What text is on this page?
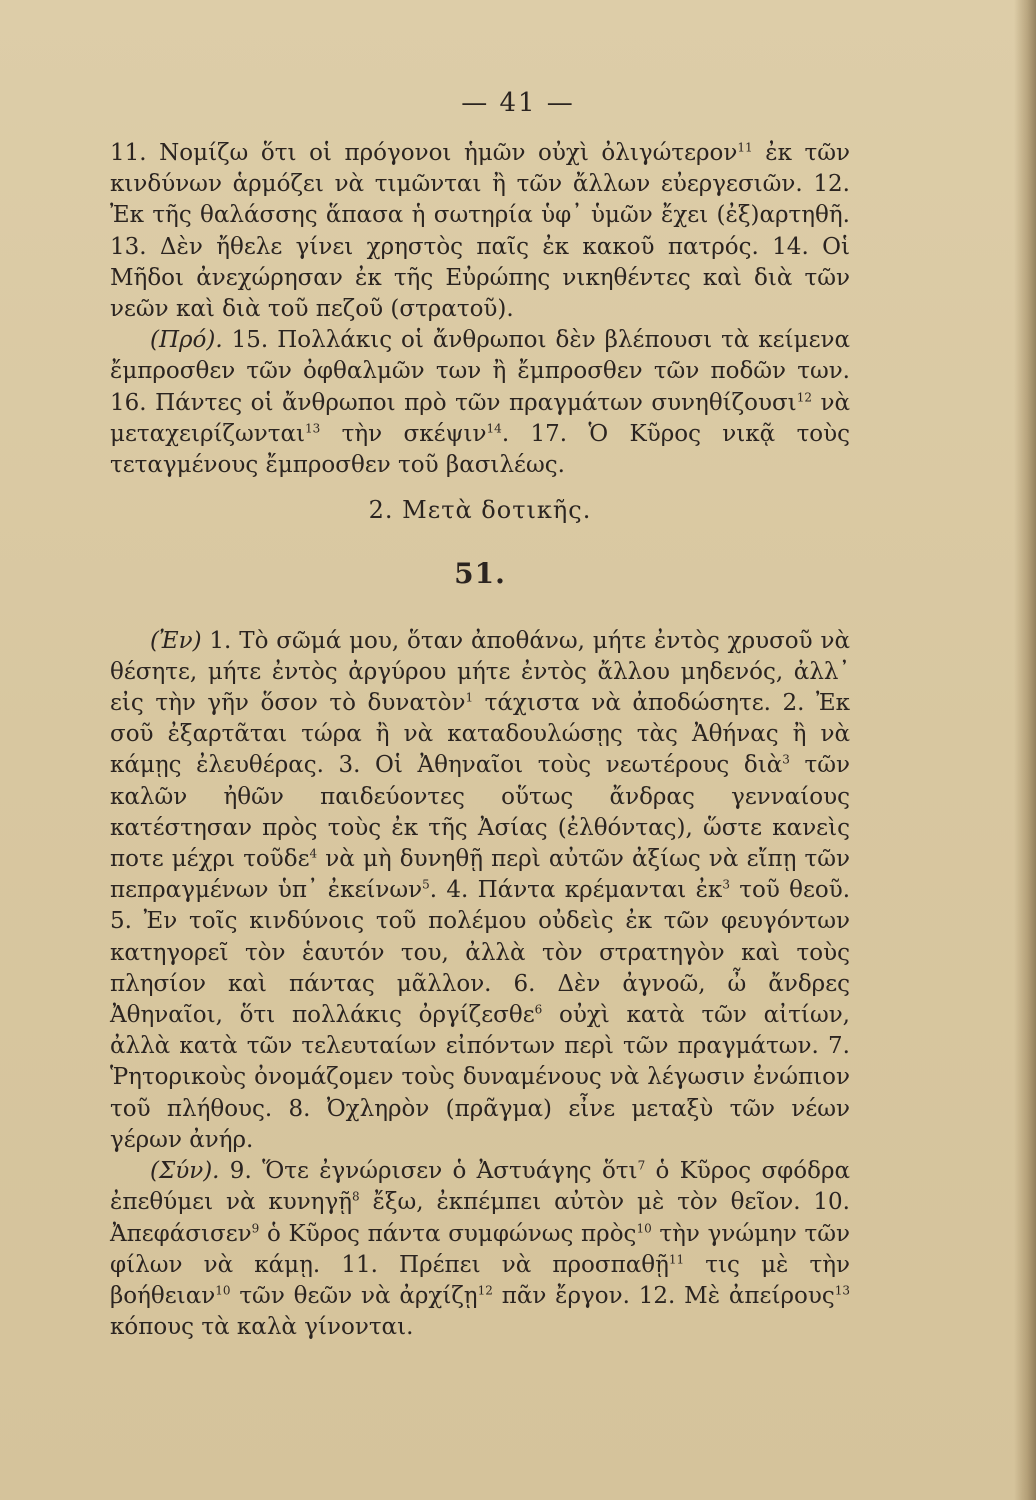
— 41 —

11. Νομίζω ὅτι οἱ πρόγονοι ἡμῶν οὐχὶ ὀλιγώτερον$^{11}$ ἐκ τῶν κινδύνων ἁρμόζει νὰ τιμῶνται ἢ τῶν ἄλλων εὐεργεσιῶν. 12. Ἐκ τῆς θαλάσσης ἅπασα ἡ σωτηρία ὑφ᾽ ὑμῶν ἔχει (ἐξ)αρτηθῆ. 13. Δὲν ἤθελε γίνει χρηστὸς παῖς ἐκ κακοῦ πατρός. 14. Οἱ Μῆδοι ἀνεχώρησαν ἐκ τῆς Εὐρώπης νικηθέντες καὶ διὰ τῶν νεῶν καὶ διὰ τοῦ πεζοῦ (στρατοῦ).

(Πρό). 15. Πολλάκις οἱ ἄνθρωποι δὲν βλέπουσι τὰ κείμενα ἔμπροσθεν τῶν ὀφθαλμῶν των ἢ ἔμπροσθεν τῶν ποδῶν των. 16. Πάντες οἱ ἄνθρωποι πρὸ τῶν πραγμάτων συνηθίζουσι$^{12}$ νὰ μεταχειρίζωνται$^{13}$ τὴν σκέψιν$^{14}$. 17. Ὁ Κῦρος νικᾷ τοὺς τεταγμένους ἔμπροσθεν τοῦ βασιλέως.

2. Μετὰ δοτικῆς.
51.

(Ἐν) 1. Τὸ σῶμά μου, ὅταν ἀποθάνω, μήτε ἐντὸς χρυσοῦ νὰ θέσητε, μήτε ἐντὸς ἀργύρου μήτε ἐντὸς ἄλλου μηδενός, ἀλλ᾽ εἰς τὴν γῆν ὅσον τὸ δυνατὸν$^1$ τάχιστα νὰ ἀποδώσητε. 2. Ἐκ σοῦ ἐξαρτᾶται τώρα ἢ νὰ καταδουλώσῃς τὰς Ἀθήνας ἢ νὰ κάμῃς ἐλευθέρας. 3. Οἱ Ἀθηναῖοι τοὺς νεωτέρους διὰ$^3$ τῶν καλῶν ἠθῶν παιδεύοντες οὕτως ἄνδρας γενναίους κατέστησαν πρὸς τοὺς ἐκ τῆς Ἀσίας (ἐλθόντας), ὥστε κανεὶς ποτε μέχρι τοῦδε$^4$ νὰ μὴ δυνηθῇ περὶ αὐτῶν ἀξίως νὰ εἴπῃ τῶν πεπραγμένων ὑπ᾽ ἐκείνων$^5$. 4. Πάντα κρέμανται ἐκ$^3$ τοῦ θεοῦ. 5. Ἐν τοῖς κινδύνοις τοῦ πολέμου οὐδεὶς ἐκ τῶν φευγόντων κατηγορεῖ τὸν ἑαυτόν του, ἀλλὰ τὸν στρατηγὸν καὶ τοὺς πλησίον καὶ πάντας μᾶλλον. 6. Δὲν ἀγνοῶ, ὦ ἄνδρες Ἀθηναῖοι, ὅτι πολλάκις ὀργίζεσθε$^6$ οὐχὶ κατὰ τῶν αἰτίων, ἀλλὰ κατὰ τῶν τελευταίων εἰπόντων περὶ τῶν πραγμάτων. 7. Ῥητορικοὺς ὀνομάζομεν τοὺς δυναμένους νὰ λέγωσιν ἐνώπιον τοῦ πλήθους. 8. Ὀχληρὸν (πρᾶγμα) εἶνε μεταξὺ τῶν νέων γέρων ἀνήρ.

(Σύν). 9. Ὅτε ἐγνώρισεν ὁ Ἀστυάγης ὅτι$^7$ ὁ Κῦρος σφόδρα ἐπεθύμει νὰ κυνηγῇ$^8$ ἔξω, ἐκπέμπει αὐτὸν μὲ τὸν θεῖον. 10. Ἀπεφάσισεν$^9$ ὁ Κῦρος πάντα συμφώνως πρὸς$^{10}$ τὴν γνώμην τῶν φίλων νὰ κάμῃ. 11. Πρέπει νὰ προσπαθῇ$^{11}$ τις μὲ τὴν βοήθειαν$^{10}$ τῶν θεῶν νὰ ἀρχίζῃ$^{12}$ πᾶν ἔργον. 12. Μὲ ἀπείρους$^{13}$ κόπους τὰ καλὰ γίνονται.
